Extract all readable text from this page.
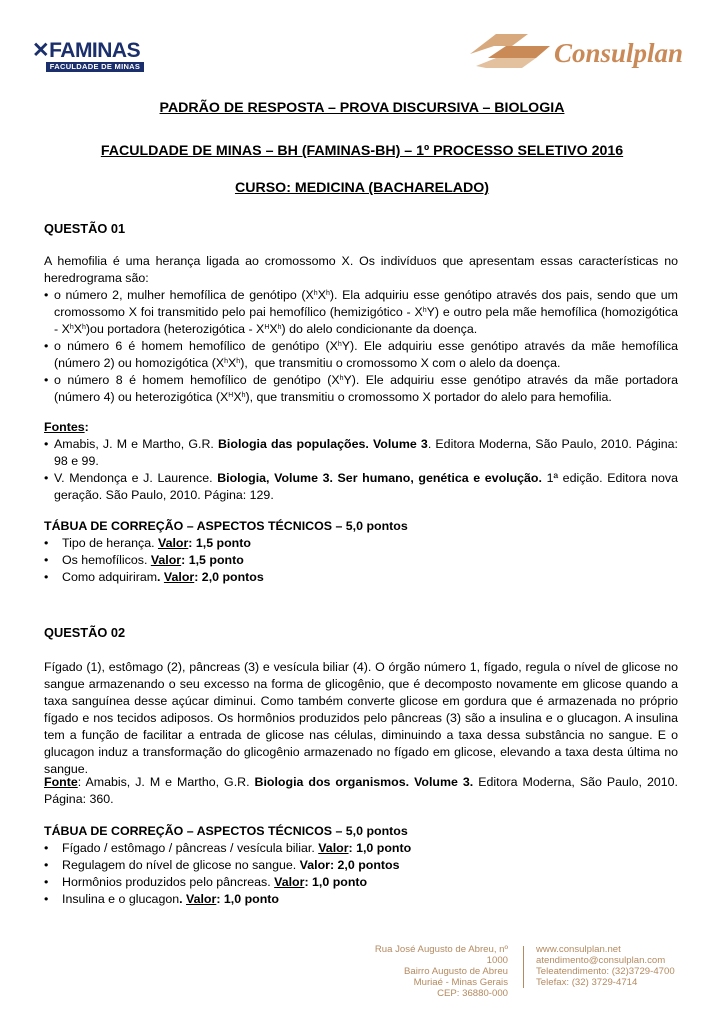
✕FAMINAS
FACULDADE DE MINAS	Consulplan
PADRÃO DE RESPOSTA – PROVA DISCURSIVA – BIOLOGIA
FACULDADE DE MINAS – BH (FAMINAS-BH) – 1º PROCESSO SELETIVO 2016
CURSO: MEDICINA (BACHARELADO)
QUESTÃO 01
A hemofilia é uma herança ligada ao cromossomo X. Os indivíduos que apresentam essas características no heredrograma são:
• o número 2, mulher hemofílica de genótipo $(X^hX^h)$. Ela adquiriu esse genótipo através dos pais, sendo que um cromossomo X foi transmitido pelo pai hemofílico (hemizigótico - $X^hY$) e outro pela mãe hemofílica (homozigótica - $X^hX^h)ou$ portadora (heterozigótica - $X^HX^h$) do alelo condicionante da doença.
• o número 6 é homem hemofílico de genótipo $(X^hY)$. Ele adquiriu esse genótipo através da mãe hemofílica (número 2) ou homozigótica $(X^hX^h)$,  que transmitiu o cromossomo X com o alelo da doença.
• o número 8 é homem hemofílico de genótipo $(X^hY)$. Ele adquiriu esse genótipo através da mãe portadora (número 4) ou heterozigótica $(X^HX^h)$, que transmitiu o cromossomo X portador do alelo para hemofilia.
Fontes:
• Amabis, J. M e Martho, G.R. Biologia das populações. Volume 3. Editora Moderna, São Paulo, 2010. Página: 98 e 99.
• V. Mendonça e J. Laurence. Biologia, Volume 3. Ser humano, genética e evolução. 1ª edição. Editora nova geração. São Paulo, 2010. Página: 129.
TÁBUA DE CORREÇÃO – ASPECTOS TÉCNICOS – 5,0 pontos
• Tipo de herança. Valor: 1,5 ponto
• Os hemofílicos. Valor: 1,5 ponto
• Como adquiriram. Valor: 2,0 pontos
QUESTÃO 02
Fígado (1), estômago (2), pâncreas (3) e vesícula biliar (4). O órgão número 1, fígado, regula o nível de glicose no sangue armazenando o seu excesso na forma de glicogênio, que é decomposto novamente em glicose quando a taxa sanguínea desse açúcar diminui. Como também converte glicose em gordura que é armazenada no próprio fígado e nos tecidos adiposos. Os hormônios produzidos pelo pâncreas (3) são a insulina e o glucagon. A insulina tem a função de facilitar a entrada de glicose nas células, diminuindo a taxa dessa substância no sangue. E o glucagon induz a transformação do glicogênio armazenado no fígado em glicose, elevando a taxa desta última no sangue.
Fonte: Amabis, J. M e Martho, G.R. Biologia dos organismos. Volume 3. Editora Moderna, São Paulo, 2010. Página: 360.
TÁBUA DE CORREÇÃO – ASPECTOS TÉCNICOS – 5,0 pontos
• Fígado / estômago / pâncreas / vesícula biliar. Valor: 1,0 ponto
• Regulagem do nível de glicose no sangue. Valor: 2,0 pontos
• Hormônios produzidos pelo pâncreas. Valor: 1,0 ponto
• Insulina e o glucagon. Valor: 1,0 ponto
Rua José Augusto de Abreu, nº 1000
Bairro Augusto de Abreu
Muriaé - Minas Gerais
CEP: 36880-000
www.consulplan.net
atendimento@consulplan.com
Teleatendimento: (32)3729-4700
Telefax: (32) 3729-4714
